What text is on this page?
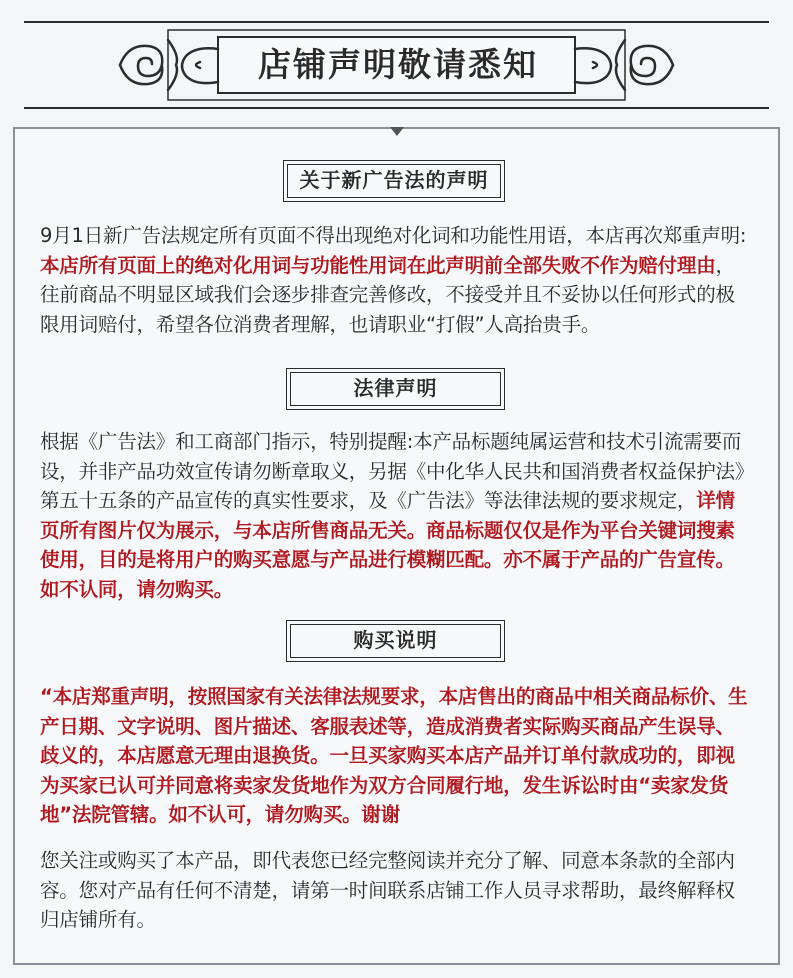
店铺声明敬请悉知
关于新广告法的声明
9月1日新广告法规定所有页面不得出现绝对化词和功能性用语，本店再次郑重声明:本店所有页面上的绝对化用词与功能性用词在此声明前全部失败不作为赔付理由，往前商品不明显区域我们会逐步排查完善修改，不接受并且不妥协以任何形式的极限用词赔付，希望各位消费者理解，也请职业“打假”人高抬贵手。
法律声明
根据《广告法》和工商部门指示，特别提醒:本产品标题纯属运营和技术引流需要而设，并非产品功效宣传请勿断章取义，另据《中化华人民共和国消费者权益保护法》第五十五条的产品宣传的真实性要求，及《广告法》等法律法规的要求规定，详情页所有图片仅为展示，与本店所售商品无关。商品标题仅仅是作为平台关键词搜素使用，目的是将用户的购买意愿与产品进行模糊匹配。亦不属于产品的广告宣传。如不认同，请勿购买。
购买说明
“本店郑重声明，按照国家有关法律法规要求，本店售出的商品中相关商品标价、生产日期、文字说明、图片描述、客服表述等，造成消费者实际购买商品产生误导、歧义的，本店愿意无理由退换货。一旦买家购买本店产品并订单付款成功的，即视为买家已认可并同意将卖家发货地作为双方合同履行地，发生诉讼时由“卖家发货地”法院管辖。如不认可，请勿购买。谢谢
您关注或购买了本产品，即代表您已经完整阅读并充分了解、同意本条款的全部内容。您对产品有任何不清楚，请第一时间联系店铺工作人员寻求帮助，最终解释权归店铺所有。
